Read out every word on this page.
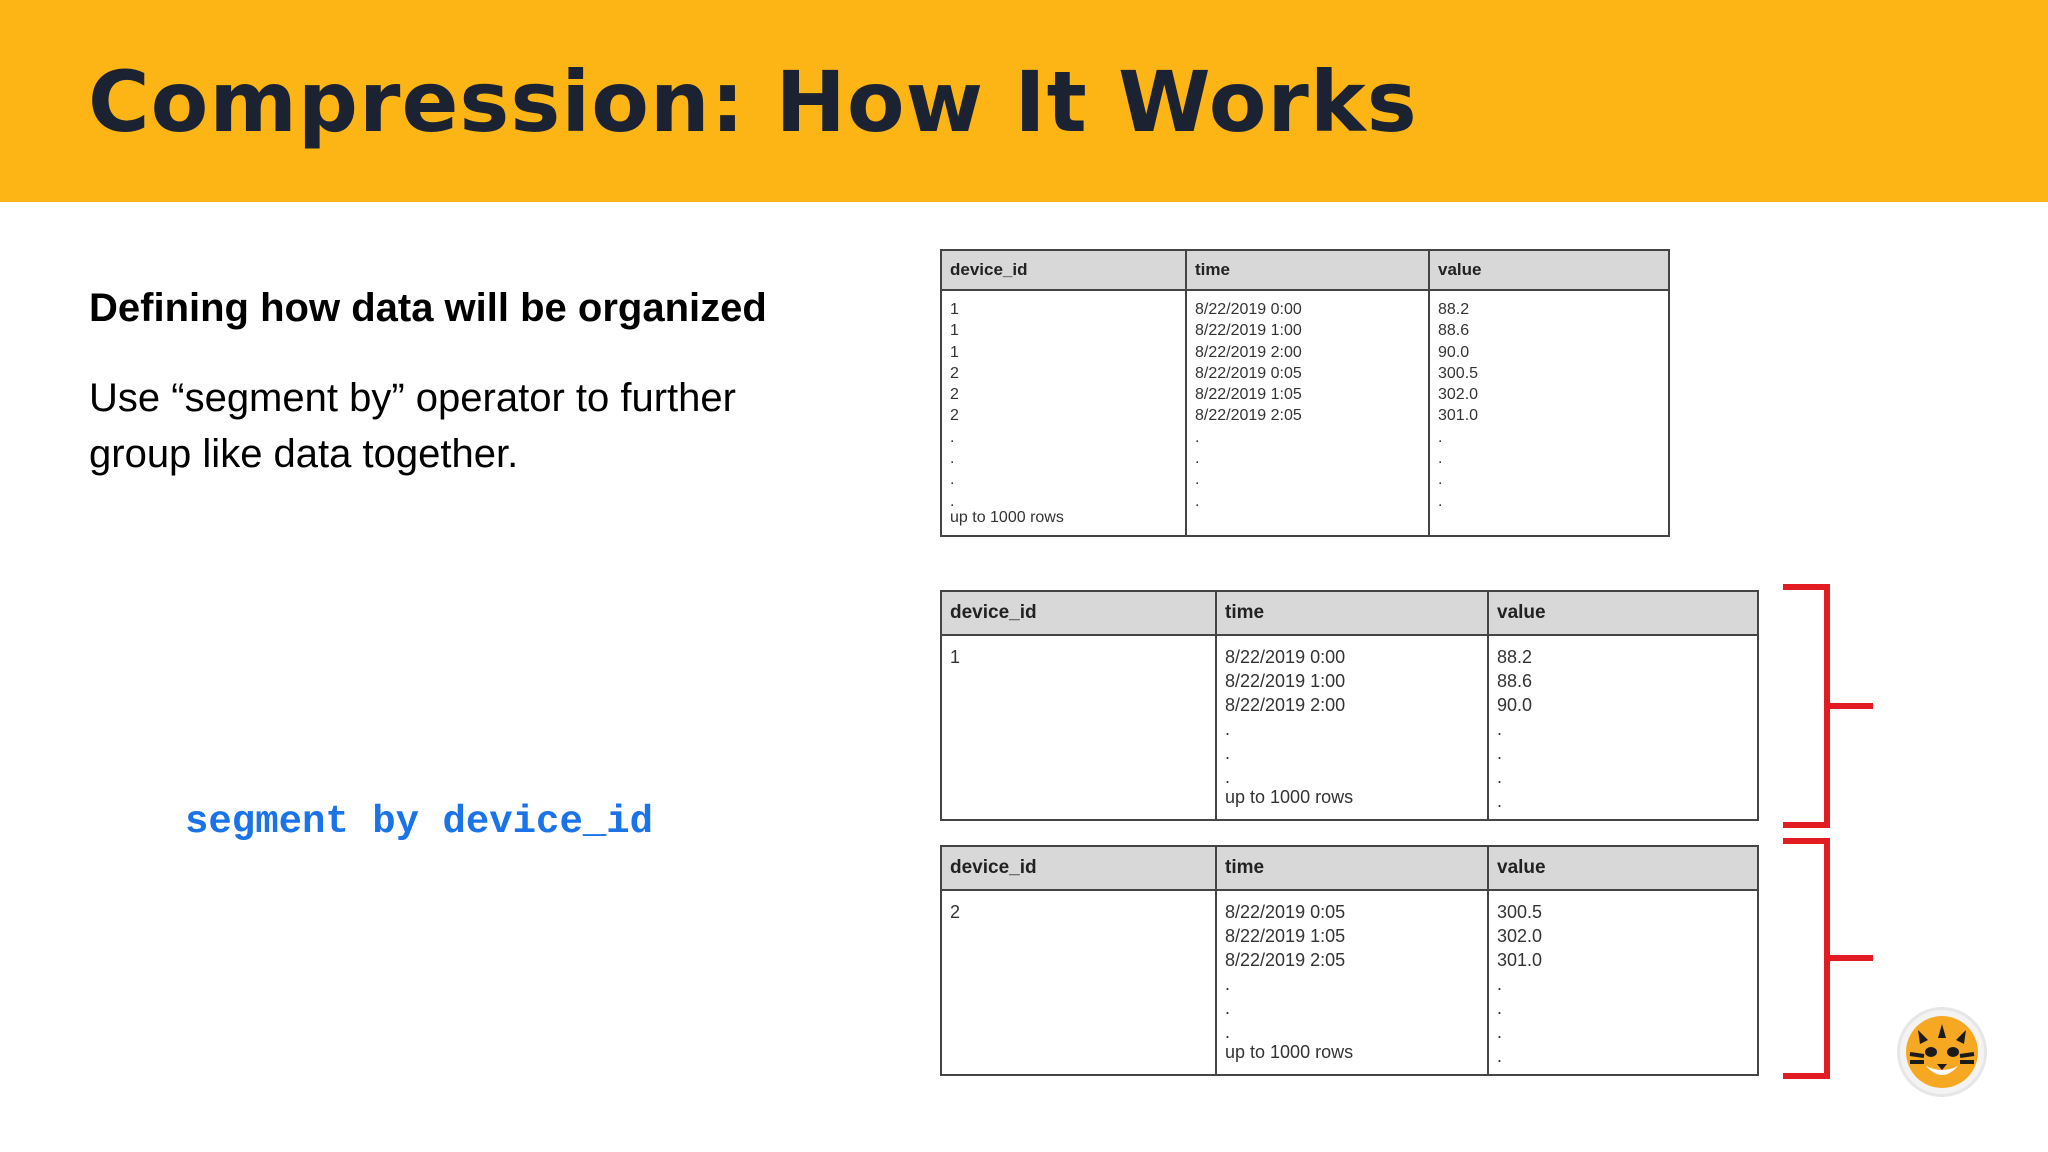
Compression: How It Works
Defining how data will be organized
Use “segment by” operator to further group like data together.
segment by device_id
device_id
1
1
1
2
2
2
.
.
.
.
up to 1000 rows
time
8/22/2019 0:00
8/22/2019 1:00
8/22/2019 2:00
8/22/2019 0:05
8/22/2019 1:05
8/22/2019 2:05
.
.
.
.
value
88.2
88.6
90.0
300.5
302.0
301.0
.
.
.
.
device_id
1
time
8/22/2019 0:00
8/22/2019 1:00
8/22/2019 2:00
.
.
.
up to 1000 rows
value
88.2
88.6
90.0
.
.
.
.
device_id
2
time
8/22/2019 0:05
8/22/2019 1:05
8/22/2019 2:05
.
.
.
up to 1000 rows
value
300.5
302.0
301.0
.
.
.
.
